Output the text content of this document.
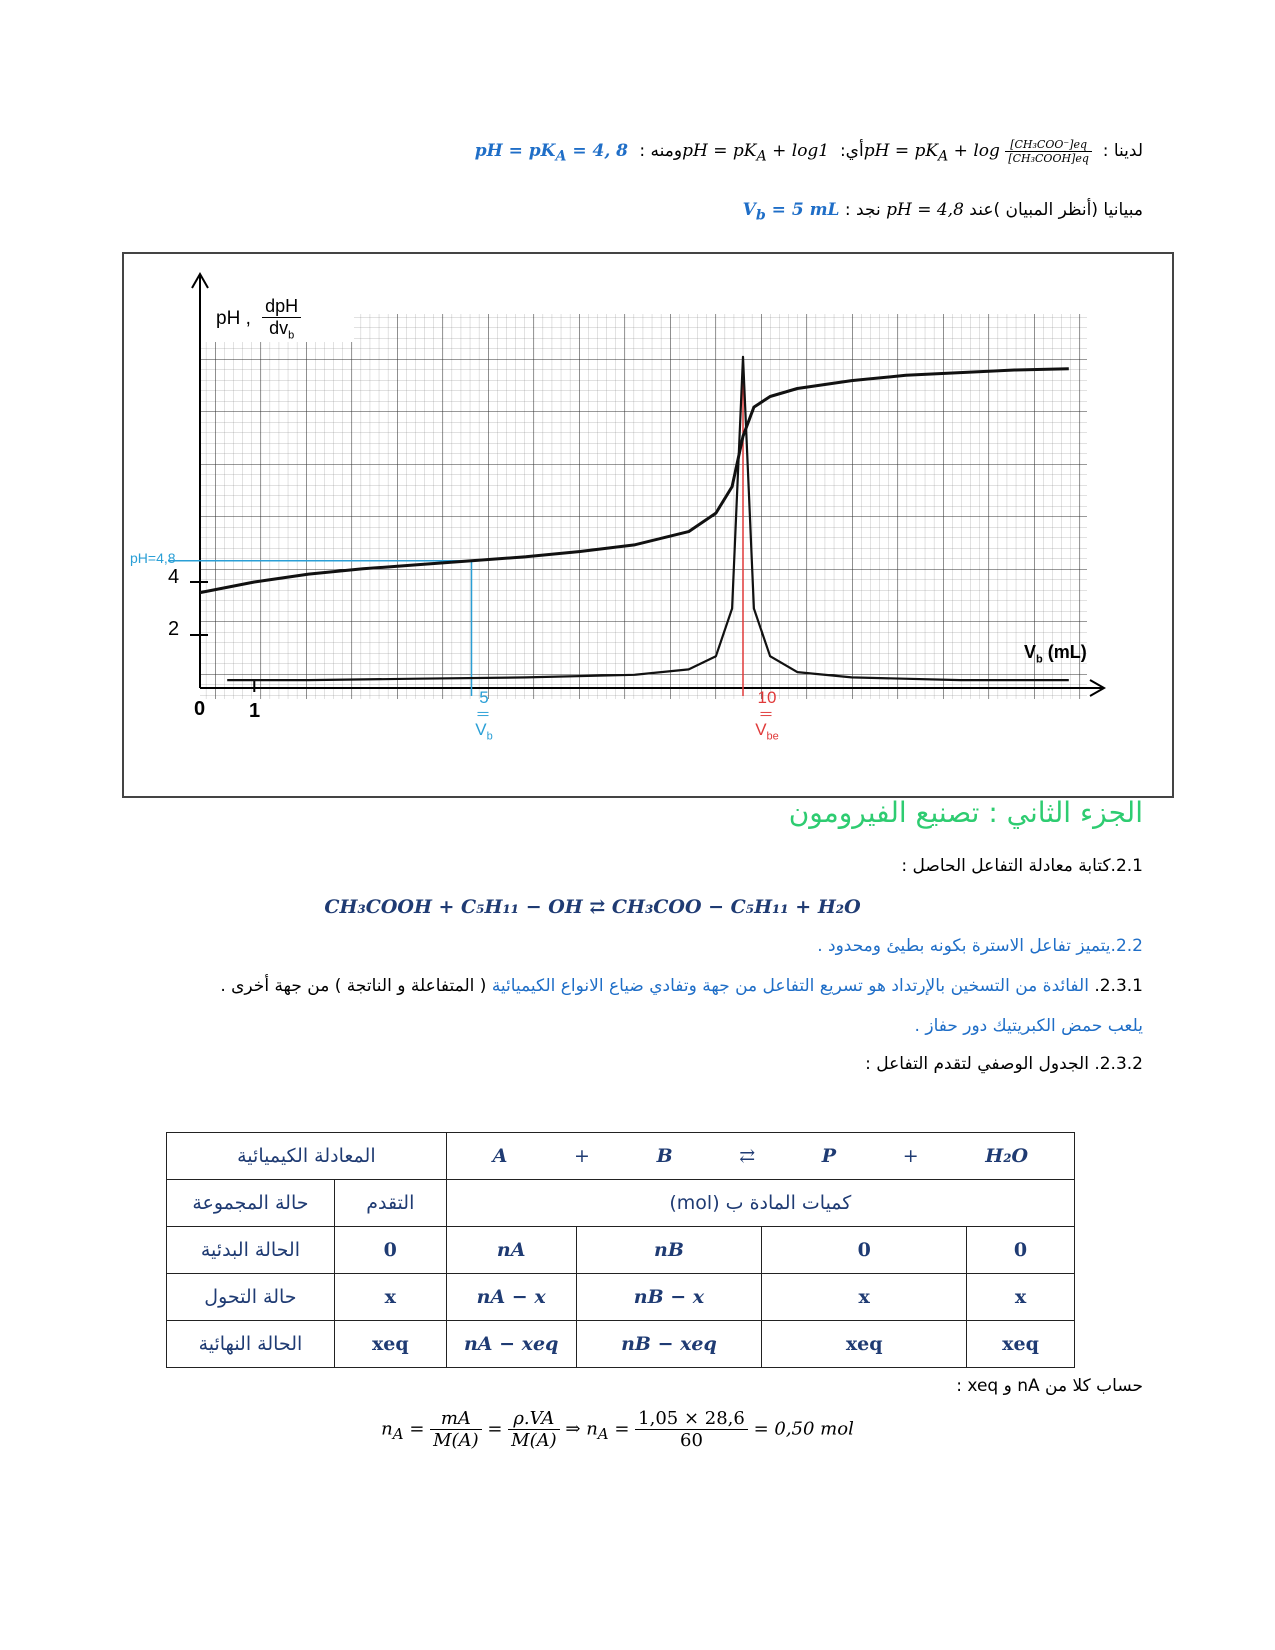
لدينا : pH = $pK_A + \log \frac{\text{[CH₃COO⁻]eq}}{\text{[CH₃COOH]eq}}$
أي: pH = $pK_A + \log 1$ ومنه : pH = $pK_A = 4$, 8
مبيانيا (أنظر المبيان )عند pH = 4,8 نجد : $V_b = 5$ mL
pH , $\frac{\text{dpH}}{dv_b}$
$V_b$ (mL)
0 1
2
4
pH=4,8
5
||
$V_b$
10
||
$V_{be}$
الجزء الثاني : تصنيع الفيرومون
2.1.كتابة معادلة التفاعل الحاصل :
CH₃COOH + C₅H₁₁ − OH ⇄ CH₃COO − C₅H₁₁ + H₂O
2.2.يتميز تفاعل الاسترة بكونه بطيئ ومحدود .
2.3.1. الفائدة من التسخين بالإرتداد هو تسريع التفاعل من جهة وتفادي ضياع الانواع الكيميائية ( المتفاعلة و الناتجة ) من جهة أخرى .
يلعب حمض الكبريتيك دور حفاز .
2.3.2. الجدول الوصفي لتقدم التفاعل :
المعادلة الكيميائية		A + B ⇄ P + H₂O			
حالة المجموعة	التقدم	كميات المادة ب (mol)			
الحالة البدئية	0	nA	nB	0	0
حالة التحول	x	nA − x	nB − x	x	x
الحالة النهائية	xeq	nA − xeq	nB − xeq	xeq	xeq
حساب كلا من nA و xeq :
$n_A = \frac{mA}{M(A)} = \frac{\rho.VA}{M(A)}$ ⇒ $n_A = \frac{1,05 \times 28,6}{60} = 0,50$ mol
